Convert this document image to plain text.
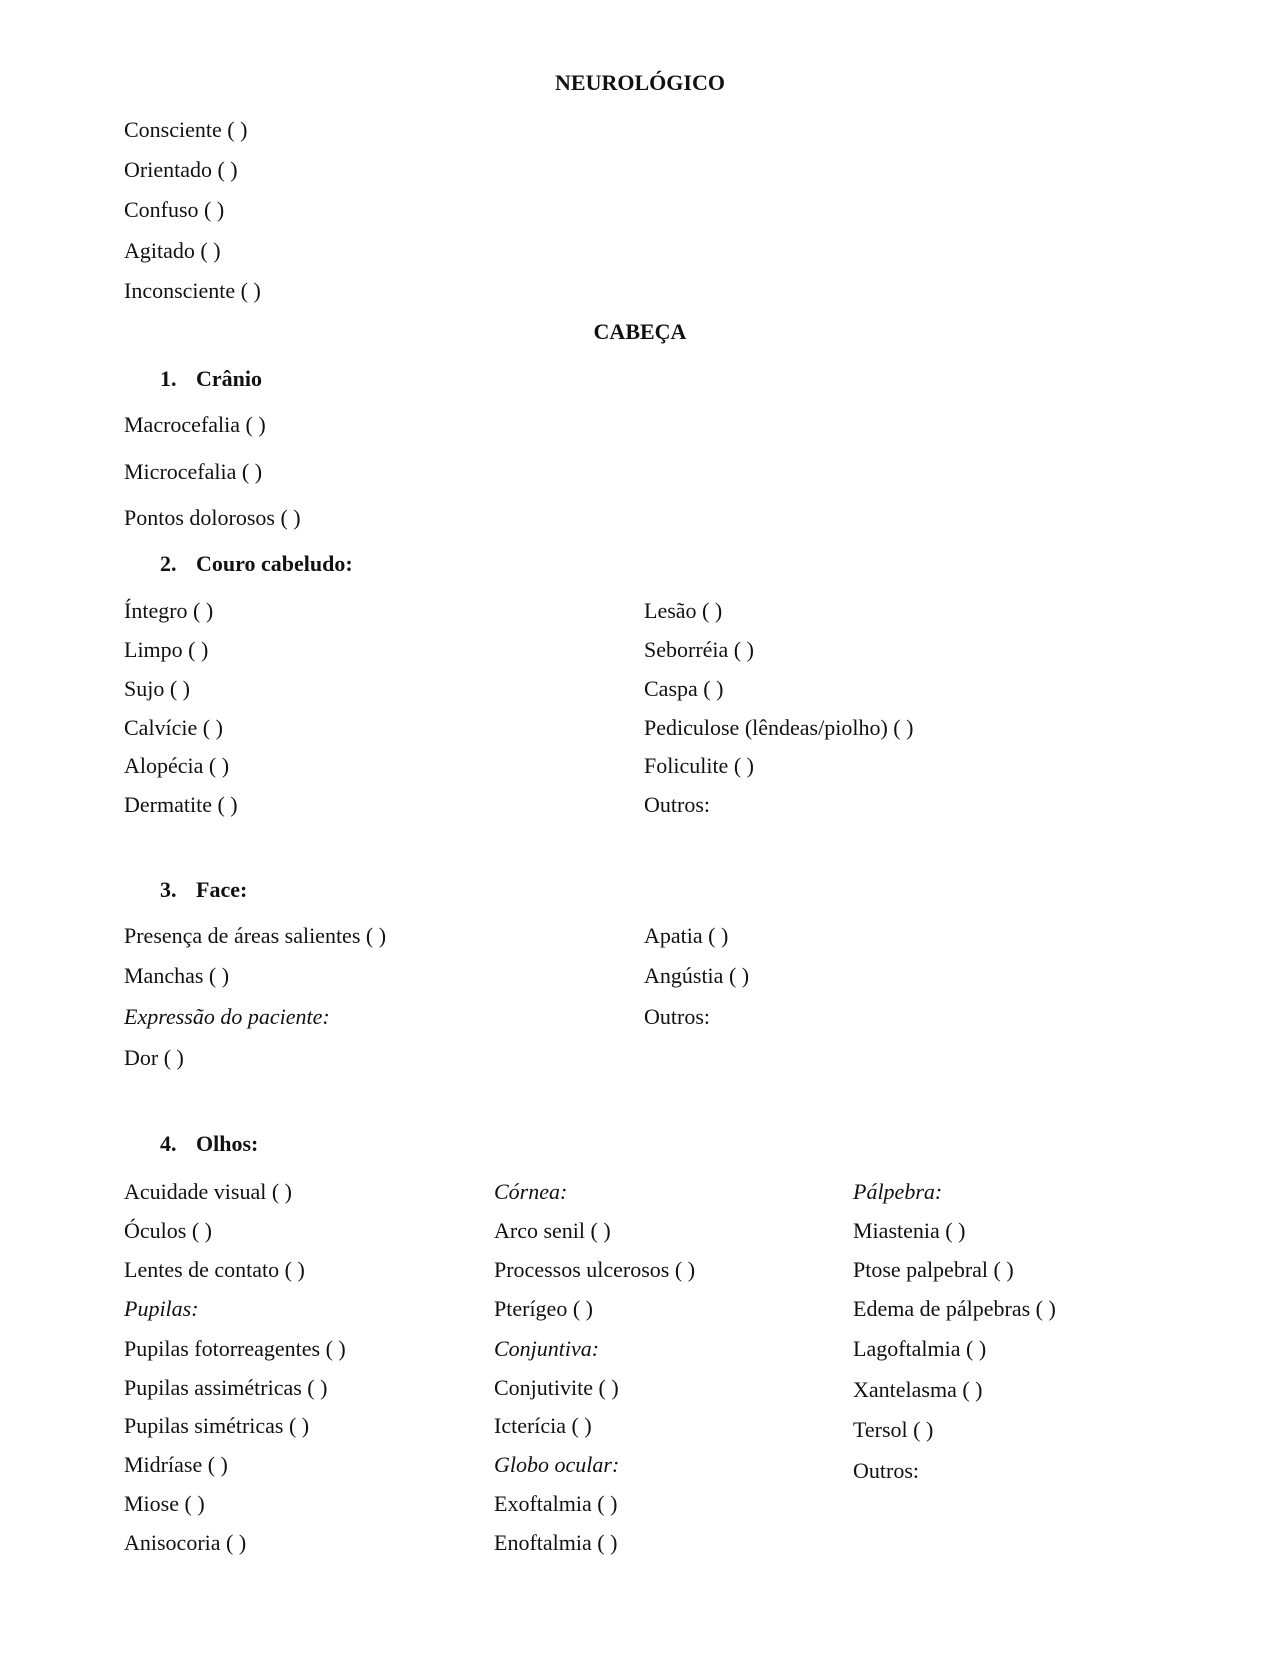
NEUROLÓGICO
Consciente ( )
Orientado ( )
Confuso ( )
Agitado ( )
Inconsciente ( )
CABEÇA
1. Crânio
Macrocefalia ( )
Microcefalia ( )
Pontos dolorosos ( )
2. Couro cabeludo:
Íntegro ( )
Limpo ( )
Sujo ( )
Calvície ( )
Alopécia ( )
Dermatite ( )
Lesão ( )
Seborréia ( )
Caspa ( )
Pediculose (lêndeas/piolho) ( )
Foliculite ( )
Outros:
3. Face:
Presença de áreas salientes ( )
Manchas ( )
Expressão do paciente:
Dor ( )
Apatia ( )
Angústia ( )
Outros:
4. Olhos:
Acuidade visual ( )
Óculos ( )
Lentes de contato ( )
Pupilas:
Pupilas fotorreagentes ( )
Pupilas assimétricas ( )
Pupilas simétricas ( )
Midríase ( )
Miose ( )
Anisocoria ( )
Córnea:
Arco senil ( )
Processos ulcerosos ( )
Pterígeo ( )
Conjuntiva:
Conjutivite ( )
Icterícia ( )
Globo ocular:
Exoftalmia ( )
Enoftalmia ( )
Pálpebra:
Miastenia ( )
Ptose palpebral ( )
Edema de pálpebras ( )
Lagoftalmia ( )
Xantelasma ( )
Tersol ( )
Outros:
